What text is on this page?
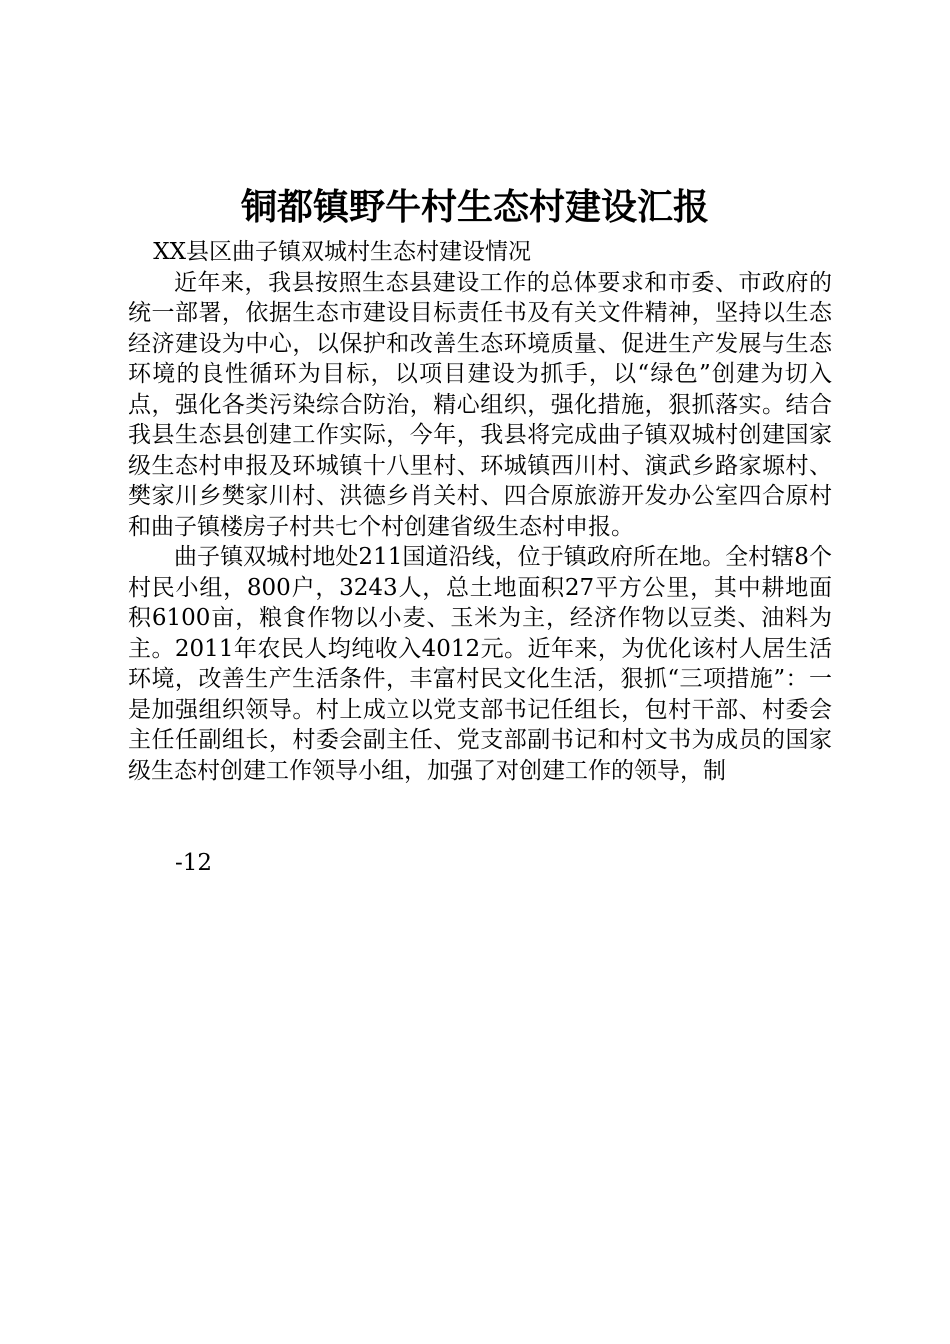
铜都镇野牛村生态村建设汇报

XX县区曲子镇双城村生态村建设情况

近年来，我县按照生态县建设工作的总体要求和市委、市政府的统一部署，依据生态市建设目标责任书及有关文件精神，坚持以生态经济建设为中心，以保护和改善生态环境质量、促进生产发展与生态环境的良性循环为目标，以项目建设为抓手，以“绿色”创建为切入点，强化各类污染综合防治，精心组织，强化措施，狠抓落实。结合我县生态县创建工作实际，今年，我县将完成曲子镇双城村创建国家级生态村申报及环城镇十八里村、环城镇西川村、演武乡路家塬村、樊家川乡樊家川村、洪德乡肖关村、四合原旅游开发办公室四合原村和曲子镇楼房子村共七个村创建省级生态村申报。

曲子镇双城村地处211国道沿线，位于镇政府所在地。全村辖8个村民小组，800户，3243人，总土地面积27平方公里，其中耕地面积6100亩，粮食作物以小麦、玉米为主，经济作物以豆类、油料为主。2011年农民人均纯收入4012元。近年来，为优化该村人居生活环境，改善生产生活条件，丰富村民文化生活，狠抓“三项措施”：一是加强组织领导。村上成立以党支部书记任组长，包村干部、村委会主任任副组长，村委会副主任、党支部副书记和村文书为成员的国家级生态村创建工作领导小组，加强了对创建工作的领导，制

-12
